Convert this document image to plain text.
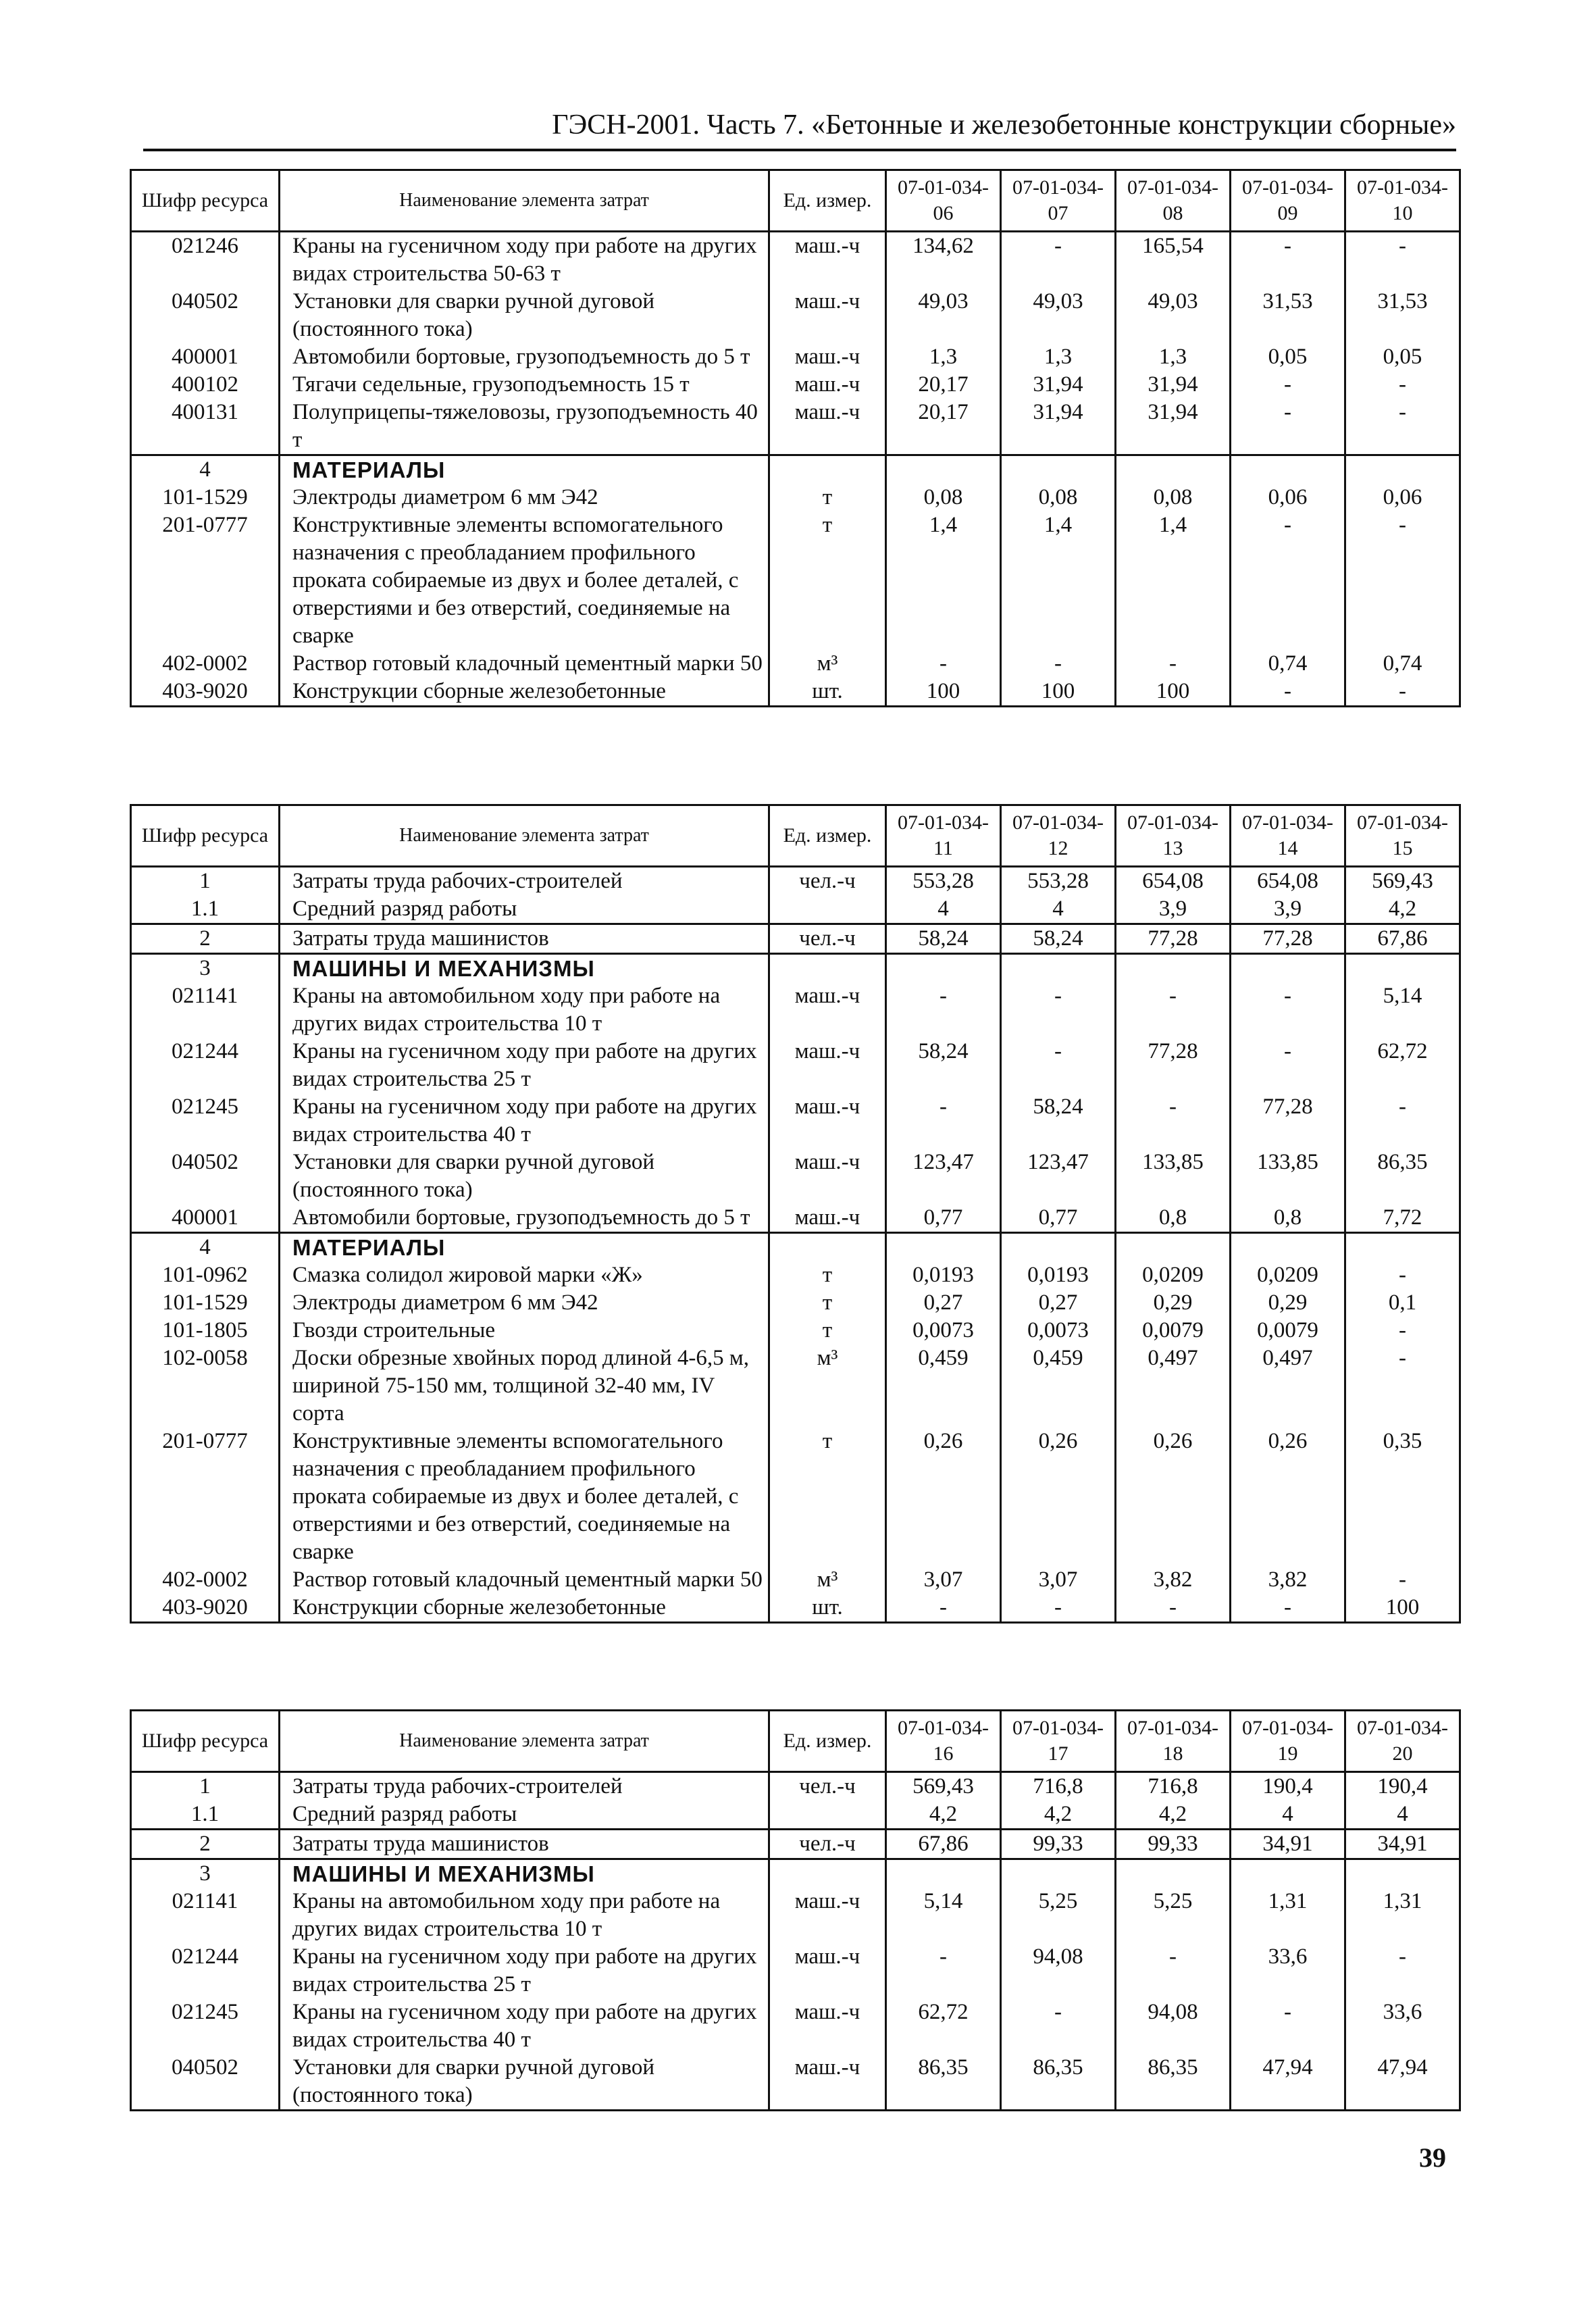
ГЭСН-2001. Часть 7. «Бетонные и железобетонные конструкции сборные»
Шифр ресурса	Наименование элемента затрат	Ед. измер.	07-01-034-06	07-01-034-07	07-01-034-08	07-01-034-09	07-01-034-10
021246	Краны на гусеничном ходу при работе на других видах строительства 50-63 т	маш.-ч	134,62	-	165,54	-	-
040502	Установки для сварки ручной дуговой (постоянного тока)	маш.-ч	49,03	49,03	49,03	31,53	31,53
400001	Автомобили бортовые, грузоподъемность до 5 т	маш.-ч	1,3	1,3	1,3	0,05	0,05
400102	Тягачи седельные, грузоподъемность 15 т	маш.-ч	20,17	31,94	31,94	-	-
400131	Полуприцепы-тяжеловозы, грузоподъемность 40 т	маш.-ч	20,17	31,94	31,94	-	-
4	МАТЕРИАЛЫ						
101-1529	Электроды диаметром 6 мм Э42	т	0,08	0,08	0,08	0,06	0,06
201-0777	Конструктивные элементы вспомогательного назначения с преобладанием профильного проката собираемые из двух и более деталей, с отверстиями и без отверстий, соединяемые на сварке	т	1,4	1,4	1,4	-	-
402-0002	Раствор готовый кладочный цементный марки 50	м³	-	-	-	0,74	0,74
403-9020	Конструкции сборные железобетонные	шт.	100	100	100	-	-
Шифр ресурса	Наименование элемента затрат	Ед. измер.	07-01-034-11	07-01-034-12	07-01-034-13	07-01-034-14	07-01-034-15
1	Затраты труда рабочих-строителей	чел.-ч	553,28	553,28	654,08	654,08	569,43
1.1	Средний разряд работы		4	4	3,9	3,9	4,2
2	Затраты труда машинистов	чел.-ч	58,24	58,24	77,28	77,28	67,86
3	МАШИНЫ И МЕХАНИЗМЫ						
021141	Краны на автомобильном ходу при работе на других видах строительства 10 т	маш.-ч	-	-	-	-	5,14
021244	Краны на гусеничном ходу при работе на других видах строительства 25 т	маш.-ч	58,24	-	77,28	-	62,72
021245	Краны на гусеничном ходу при работе на других видах строительства 40 т	маш.-ч	-	58,24	-	77,28	-
040502	Установки для сварки ручной дуговой (постоянного тока)	маш.-ч	123,47	123,47	133,85	133,85	86,35
400001	Автомобили бортовые, грузоподъемность до 5 т	маш.-ч	0,77	0,77	0,8	0,8	7,72
4	МАТЕРИАЛЫ						
101-0962	Смазка солидол жировой марки «Ж»	т	0,0193	0,0193	0,0209	0,0209	-
101-1529	Электроды диаметром 6 мм Э42	т	0,27	0,27	0,29	0,29	0,1
101-1805	Гвозди строительные	т	0,0073	0,0073	0,0079	0,0079	-
102-0058	Доски обрезные хвойных пород длиной 4-6,5 м, шириной 75-150 мм, толщиной 32-40 мм, IV сорта	м³	0,459	0,459	0,497	0,497	-
201-0777	Конструктивные элементы вспомогательного назначения с преобладанием профильного проката собираемые из двух и более деталей, с отверстиями и без отверстий, соединяемые на сварке	т	0,26	0,26	0,26	0,26	0,35
402-0002	Раствор готовый кладочный цементный марки 50	м³	3,07	3,07	3,82	3,82	-
403-9020	Конструкции сборные железобетонные	шт.	-	-	-	-	100
Шифр ресурса	Наименование элемента затрат	Ед. измер.	07-01-034-16	07-01-034-17	07-01-034-18	07-01-034-19	07-01-034-20
1	Затраты труда рабочих-строителей	чел.-ч	569,43	716,8	716,8	190,4	190,4
1.1	Средний разряд работы		4,2	4,2	4,2	4	4
2	Затраты труда машинистов	чел.-ч	67,86	99,33	99,33	34,91	34,91
3	МАШИНЫ И МЕХАНИЗМЫ						
021141	Краны на автомобильном ходу при работе на других видах строительства 10 т	маш.-ч	5,14	5,25	5,25	1,31	1,31
021244	Краны на гусеничном ходу при работе на других видах строительства 25 т	маш.-ч	-	94,08	-	33,6	-
021245	Краны на гусеничном ходу при работе на других видах строительства 40 т	маш.-ч	62,72	-	94,08	-	33,6
040502	Установки для сварки ручной дуговой (постоянного тока)	маш.-ч	86,35	86,35	86,35	47,94	47,94
39
